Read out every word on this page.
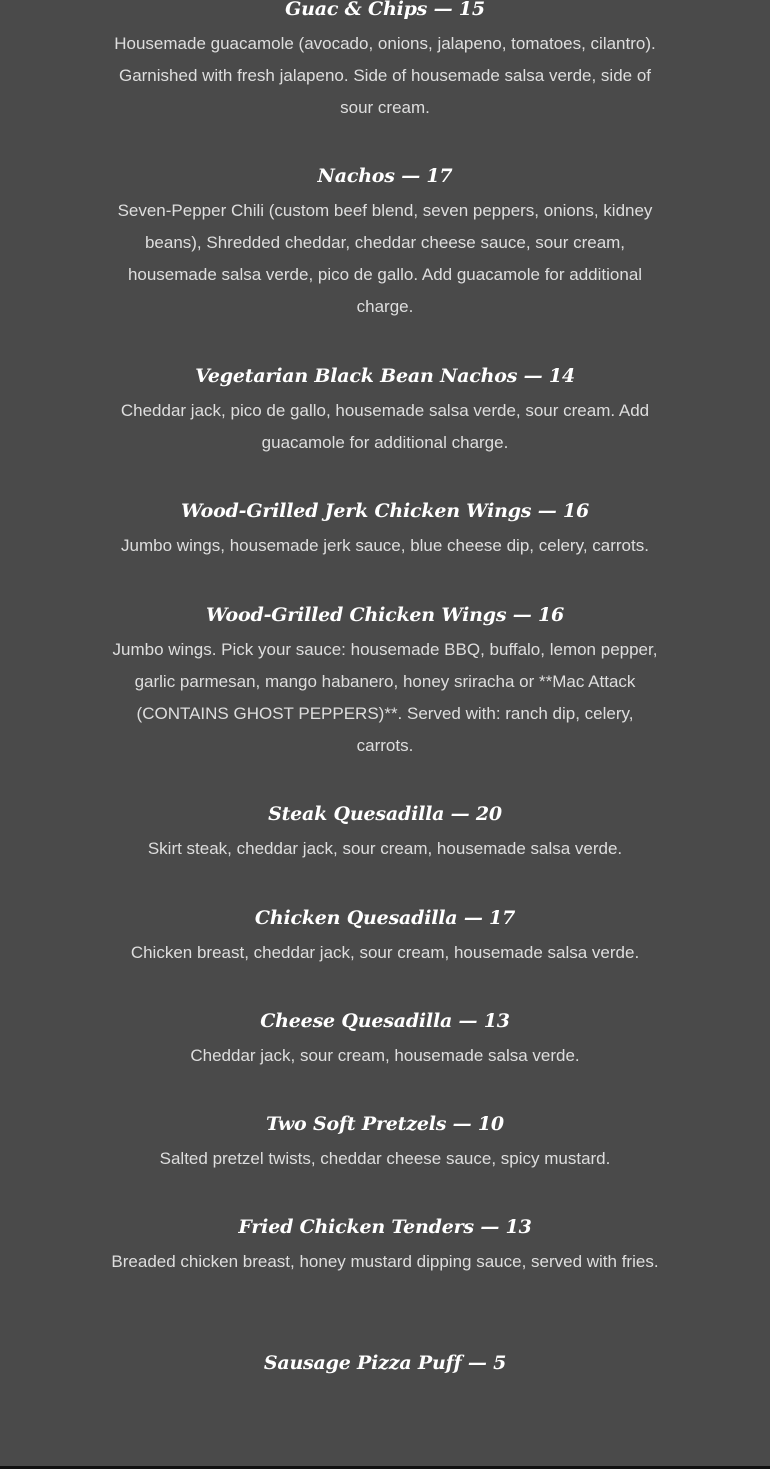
Guac & Chips — 15
Housemade guacamole (avocado, onions, jalapeno, tomatoes, cilantro). Garnished with fresh jalapeno. Side of housemade salsa verde, side of sour cream.
Nachos — 17
Seven-Pepper Chili (custom beef blend, seven peppers, onions, kidney beans), Shredded cheddar, cheddar cheese sauce, sour cream, housemade salsa verde, pico de gallo. Add guacamole for additional charge.
Vegetarian Black Bean Nachos — 14
Cheddar jack, pico de gallo, housemade salsa verde, sour cream. Add guacamole for additional charge.
Wood-Grilled Jerk Chicken Wings — 16
Jumbo wings, housemade jerk sauce, blue cheese dip, celery, carrots.
Wood-Grilled Chicken Wings — 16
Jumbo wings. Pick your sauce: housemade BBQ, buffalo, lemon pepper, garlic parmesan, mango habanero, honey sriracha or **Mac Attack (CONTAINS GHOST PEPPERS)**. Served with: ranch dip, celery, carrots.
Steak Quesadilla — 20
Skirt steak, cheddar jack, sour cream, housemade salsa verde.
Chicken Quesadilla — 17
Chicken breast, cheddar jack, sour cream, housemade salsa verde.
Cheese Quesadilla — 13
Cheddar jack, sour cream, housemade salsa verde.
Two Soft Pretzels — 10
Salted pretzel twists, cheddar cheese sauce, spicy mustard.
Fried Chicken Tenders — 13
Breaded chicken breast, honey mustard dipping sauce, served with fries.
Sausage Pizza Puff — 5
